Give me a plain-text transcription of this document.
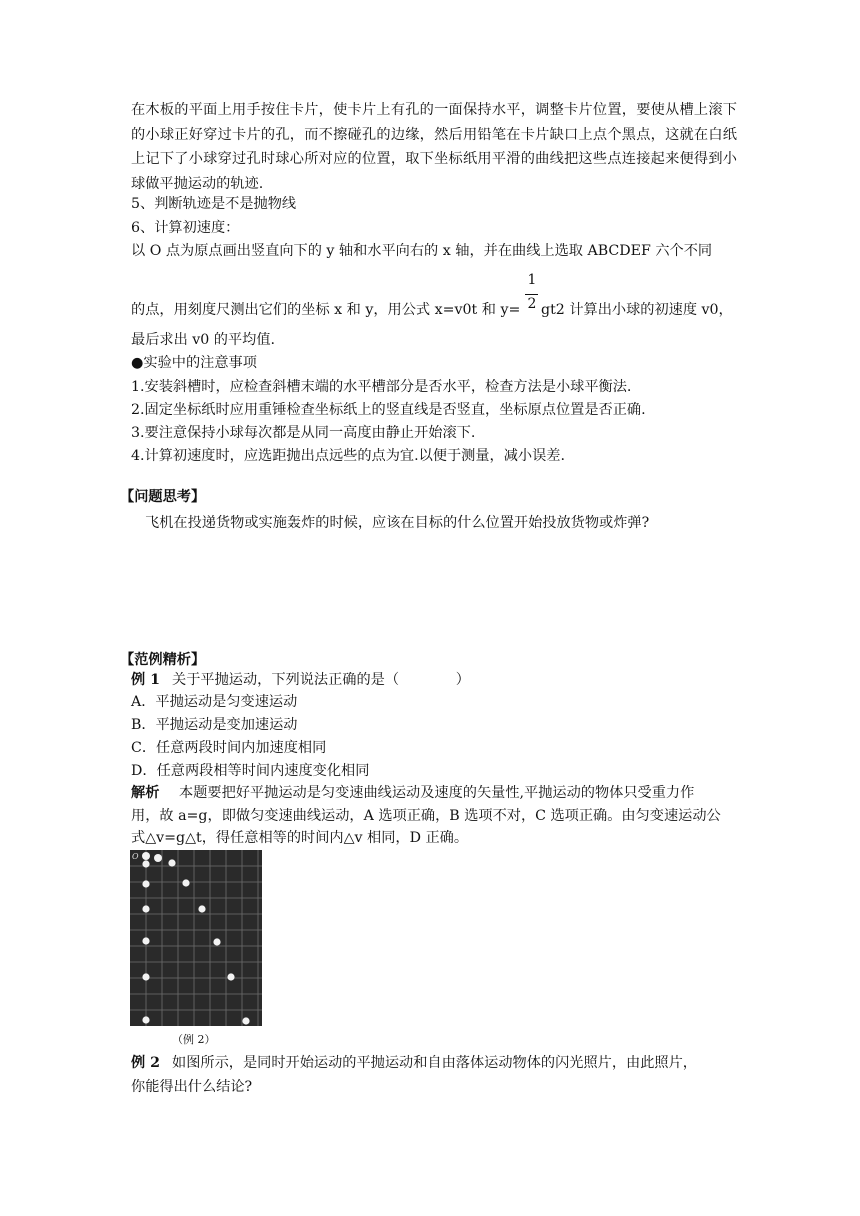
在木板的平面上用手按住卡片，使卡片上有孔的一面保持水平，调整卡片位置，要使从槽上滚下的小球正好穿过卡片的孔，而不擦碰孔的边缘，然后用铅笔在卡片缺口上点个黑点，这就在白纸上记下了小球穿过孔时球心所对应的位置，取下坐标纸用平滑的曲线把这些点连接起来便得到小球做平抛运动的轨迹.
5、判断轨迹是不是抛物线
6、计算初速度：
以 O 点为原点画出竖直向下的 y 轴和水平向右的 x 轴，并在曲线上选取 ABCDEF 六个不同
1
2
的点，用刻度尺测出它们的坐标 x 和 y，用公式 x=v0t 和 y= gt2 计算出小球的初速度 v0，
最后求出 v0 的平均值.
●实验中的注意事项
1.安装斜槽时，应检查斜槽末端的水平槽部分是否水平，检查方法是小球平衡法.
2.固定坐标纸时应用重锤检查坐标纸上的竖直线是否竖直，坐标原点位置是否正确.
3.要注意保持小球每次都是从同一高度由静止开始滚下.
4.计算初速度时，应选距抛出点远些的点为宜.以便于测量，减小误差.
【问题思考】
飞机在投递货物或实施轰炸的时候，应该在目标的什么位置开始投放货物或炸弹?
【范例精析】
例 1 关于平抛运动，下列说法正确的是（　　　　）
A．平抛运动是匀变速运动
B．平抛运动是变加速运动
C．任意两段时间内加速度相同
D．任意两段相等时间内速度变化相同
解析 本题要把好平抛运动是匀变速曲线运动及速度的矢量性,平抛运动的物体只受重力作
用，故 a=g，即做匀变速曲线运动，A 选项正确，B 选项不对，C 选项正确。由匀变速运动公
式△v=g△t，得任意相等的时间内△v 相同，D 正确。
O
（例 2）
例 2 如图所示，是同时开始运动的平抛运动和自由落体运动物体的闪光照片，由此照片，
你能得出什么结论?
